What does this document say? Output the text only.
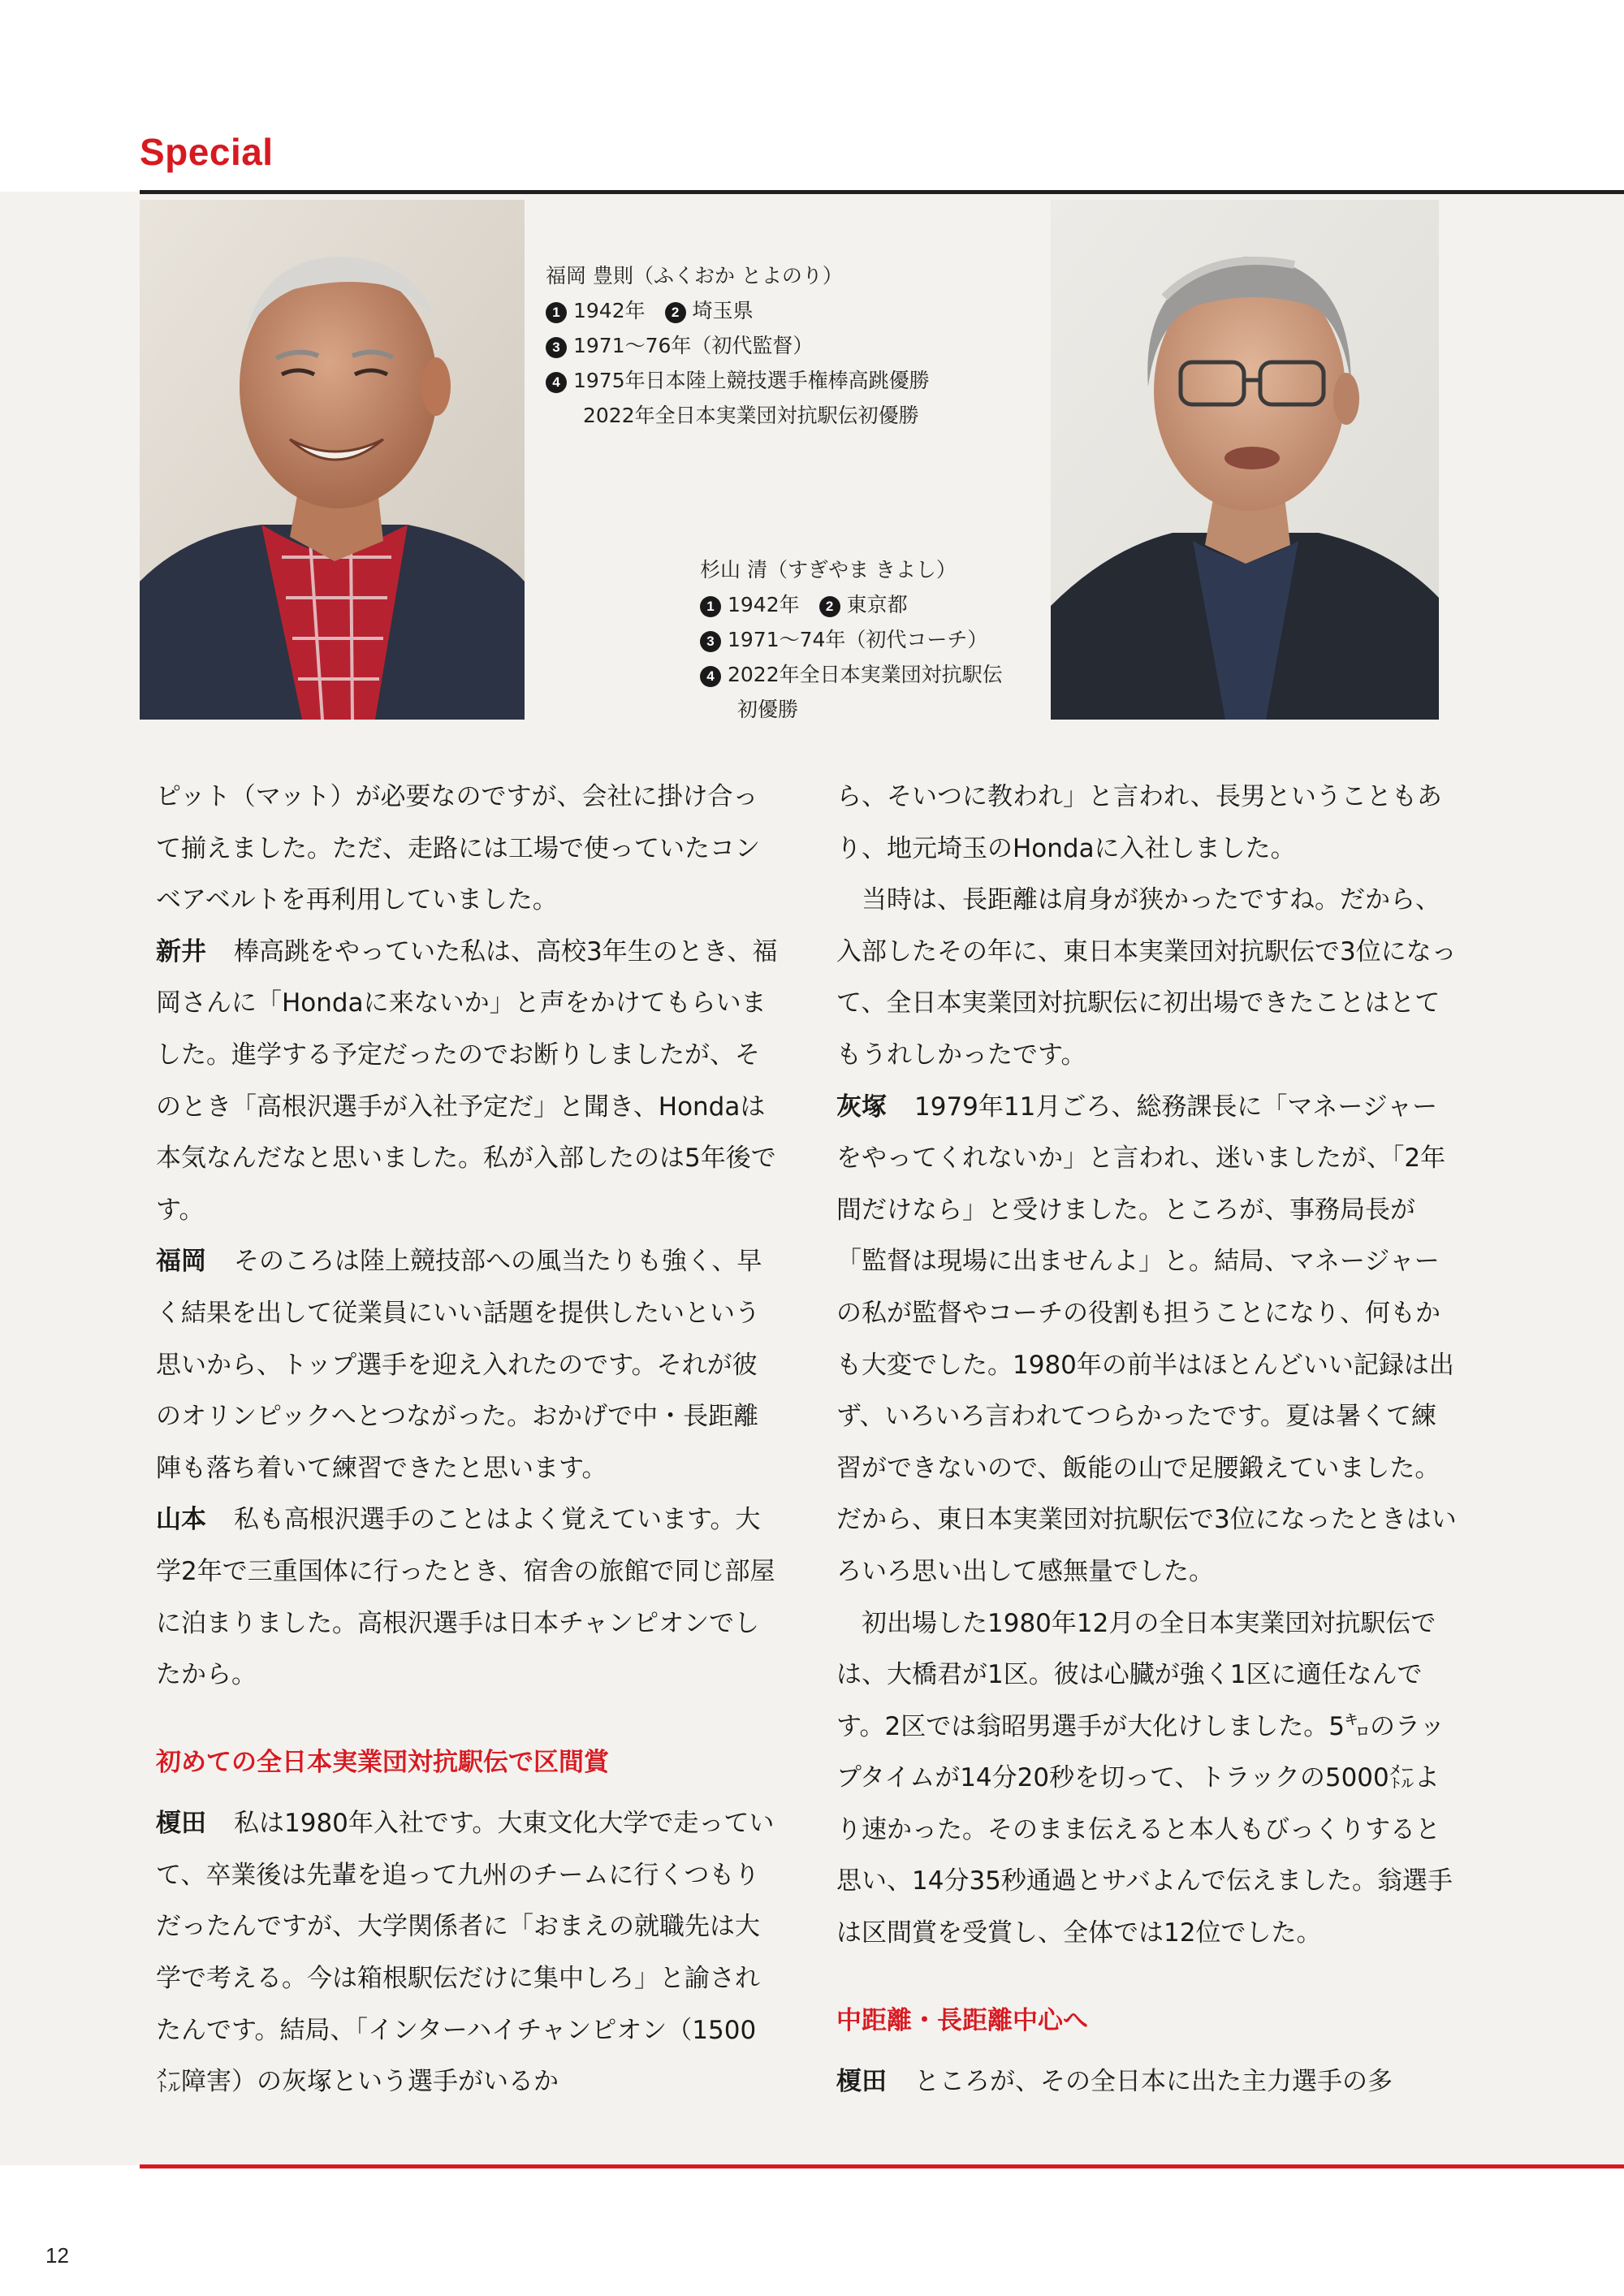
Special
福岡 豊則（ふくおか とよのり）
1 1942年 2 埼玉県
3 1971〜76年（初代監督）
4 1975年日本陸上競技選手権棒高跳優勝
2022年全日本実業団対抗駅伝初優勝
杉山 清（すぎやま きよし）
1 1942年 2 東京都
3 1971〜74年（初代コーチ）
4 2022年全日本実業団対抗駅伝
初優勝

ピット（マット）が必要なのですが、会社に掛け合って揃えました。ただ、走路には工場で使っていたコンベアベルトを再利用していました。

新井 棒高跳をやっていた私は、高校3年生のとき、福岡さんに「Hondaに来ないか」と声をかけてもらいました。進学する予定だったのでお断りしましたが、そのとき「高根沢選手が入社予定だ」と聞き、Hondaは本気なんだなと思いました。私が入部したのは5年後です。

福岡 そのころは陸上競技部への風当たりも強く、早く結果を出して従業員にいい話題を提供したいという思いから、トップ選手を迎え入れたのです。それが彼のオリンピックへとつながった。おかげで中・長距離陣も落ち着いて練習できたと思います。

山本 私も高根沢選手のことはよく覚えています。大学2年で三重国体に行ったとき、宿舎の旅館で同じ部屋に泊まりました。高根沢選手は日本チャンピオンでしたから。

初めての全日本実業団対抗駅伝で区間賞

榎田 私は1980年入社です。大東文化大学で走っていて、卒業後は先輩を追って九州のチームに行くつもりだったんですが、大学関係者に「おまえの就職先は大学で考える。今は箱根駅伝だけに集中しろ」と諭されたんです。結局、「インターハイチャンピオン（1500㍍障害）の灰塚という選手がいるか

ら、そいつに教われ」と言われ、長男ということもあり、地元埼玉のHondaに入社しました。

当時は、長距離は肩身が狭かったですね。だから、入部したその年に、東日本実業団対抗駅伝で3位になって、全日本実業団対抗駅伝に初出場できたことはとてもうれしかったです。

灰塚 1979年11月ごろ、総務課長に「マネージャーをやってくれないか」と言われ、迷いましたが、「2年間だけなら」と受けました。ところが、事務局長が「監督は現場に出ませんよ」と。結局、マネージャーの私が監督やコーチの役割も担うことになり、何もかも大変でした。1980年の前半はほとんどいい記録は出ず、いろいろ言われてつらかったです。夏は暑くて練習ができないので、飯能の山で足腰鍛えていました。だから、東日本実業団対抗駅伝で3位になったときはいろいろ思い出して感無量でした。

初出場した1980年12月の全日本実業団対抗駅伝では、大橋君が1区。彼は心臓が強く1区に適任なんです。2区では翁昭男選手が大化けしました。5㌔のラップタイムが14分20秒を切って、トラックの5000㍍より速かった。そのまま伝えると本人もびっくりすると思い、14分35秒通過とサバよんで伝えました。翁選手は区間賞を受賞し、全体では12位でした。

中距離・長距離中心へ

榎田 ところが、その全日本に出た主力選手の多

12
